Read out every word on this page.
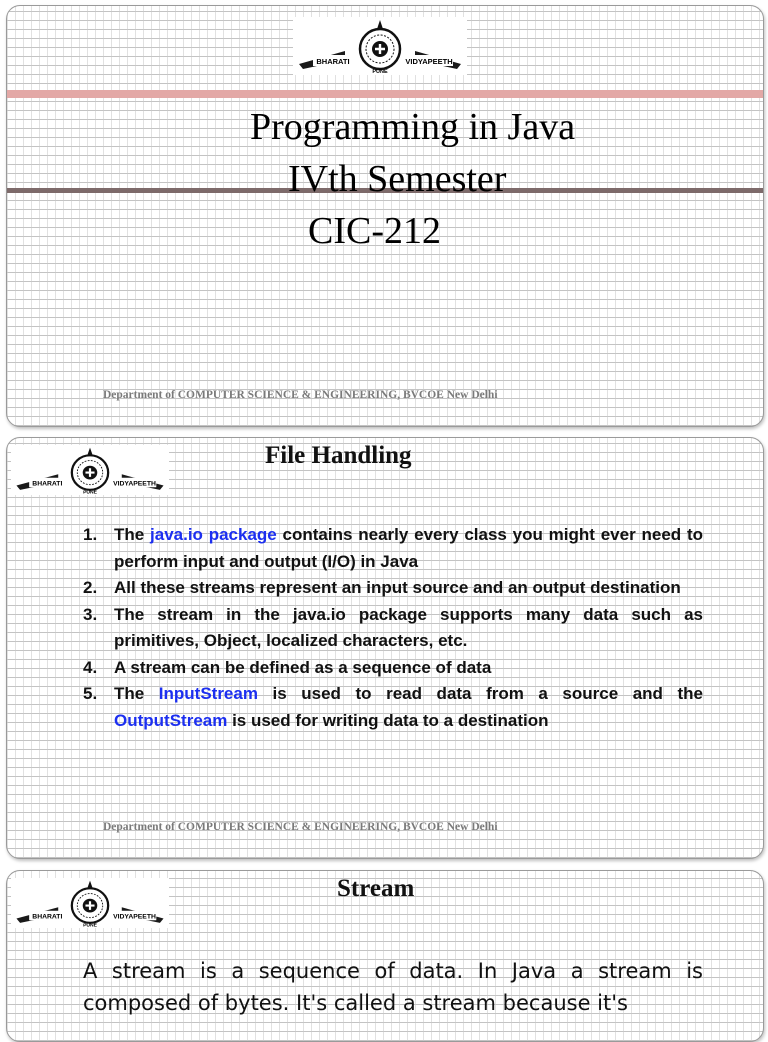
BHARATI	VIDYAPEETH
PUNE
Programming in Java
IVth Semester
CIC-212
Department of COMPUTER SCIENCE & ENGINEERING, BVCOE New Delhi
BHARATI	VIDYAPEETH
PUNE
File Handling
1. The java.io package contains nearly every class you might ever need to perform input and output (I/O) in Java
2. All these streams represent an input source and an output destination
3. The stream in the java.io package supports many data such as primitives, Object, localized characters, etc.
4. A stream can be defined as a sequence of data
5. The InputStream is used to read data from a source and the OutputStream is used for writing data to a destination
Department of COMPUTER SCIENCE & ENGINEERING, BVCOE New Delhi
BHARATI	VIDYAPEETH
PUNE
Stream

A stream is a sequence of data. In Java a stream is composed of bytes. It's called a stream because it's
